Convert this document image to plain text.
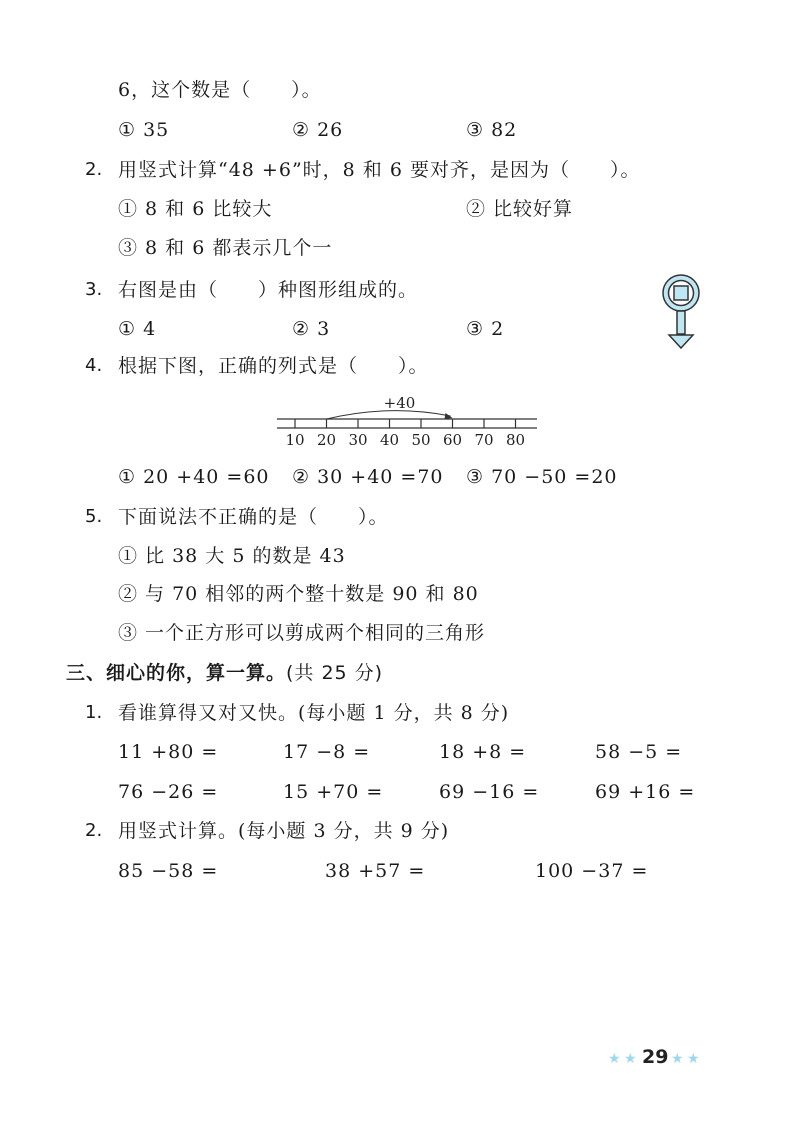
6，这个数是（　　）。
① 35	② 26	③ 82
2. 用竖式计算“48 +6”时，8 和 6 要对齐，是因为（　　）。
① 8 和 6 比较大	② 比较好算
③ 8 和 6 都表示几个一
3. 右图是由（　　）种图形组成的。
① 4	② 3	③ 2
4. 根据下图，正确的列式是（　　）。
+40
10 20 30 40 50 60 70 80
① 20 +40 =60 ② 30 +40 =70 ③ 70 −50 =20
5. 下面说法不正确的是（　　）。
① 比 38 大 5 的数是 43
② 与 70 相邻的两个整十数是 90 和 80
③ 一个正方形可以剪成两个相同的三角形
三、细心的你，算一算。(共 25 分)
1. 看谁算得又对又快。(每小题 1 分，共 8 分)
11 +80 =	17 −8 =	18 +8 =	58 −5 =
76 −26 =	15 +70 =	69 −16 =	69 +16 =
2. 用竖式计算。(每小题 3 分，共 9 分)
85 −58 =	38 +57 =	100 −37 =
★ ★ 29 ★ ★
